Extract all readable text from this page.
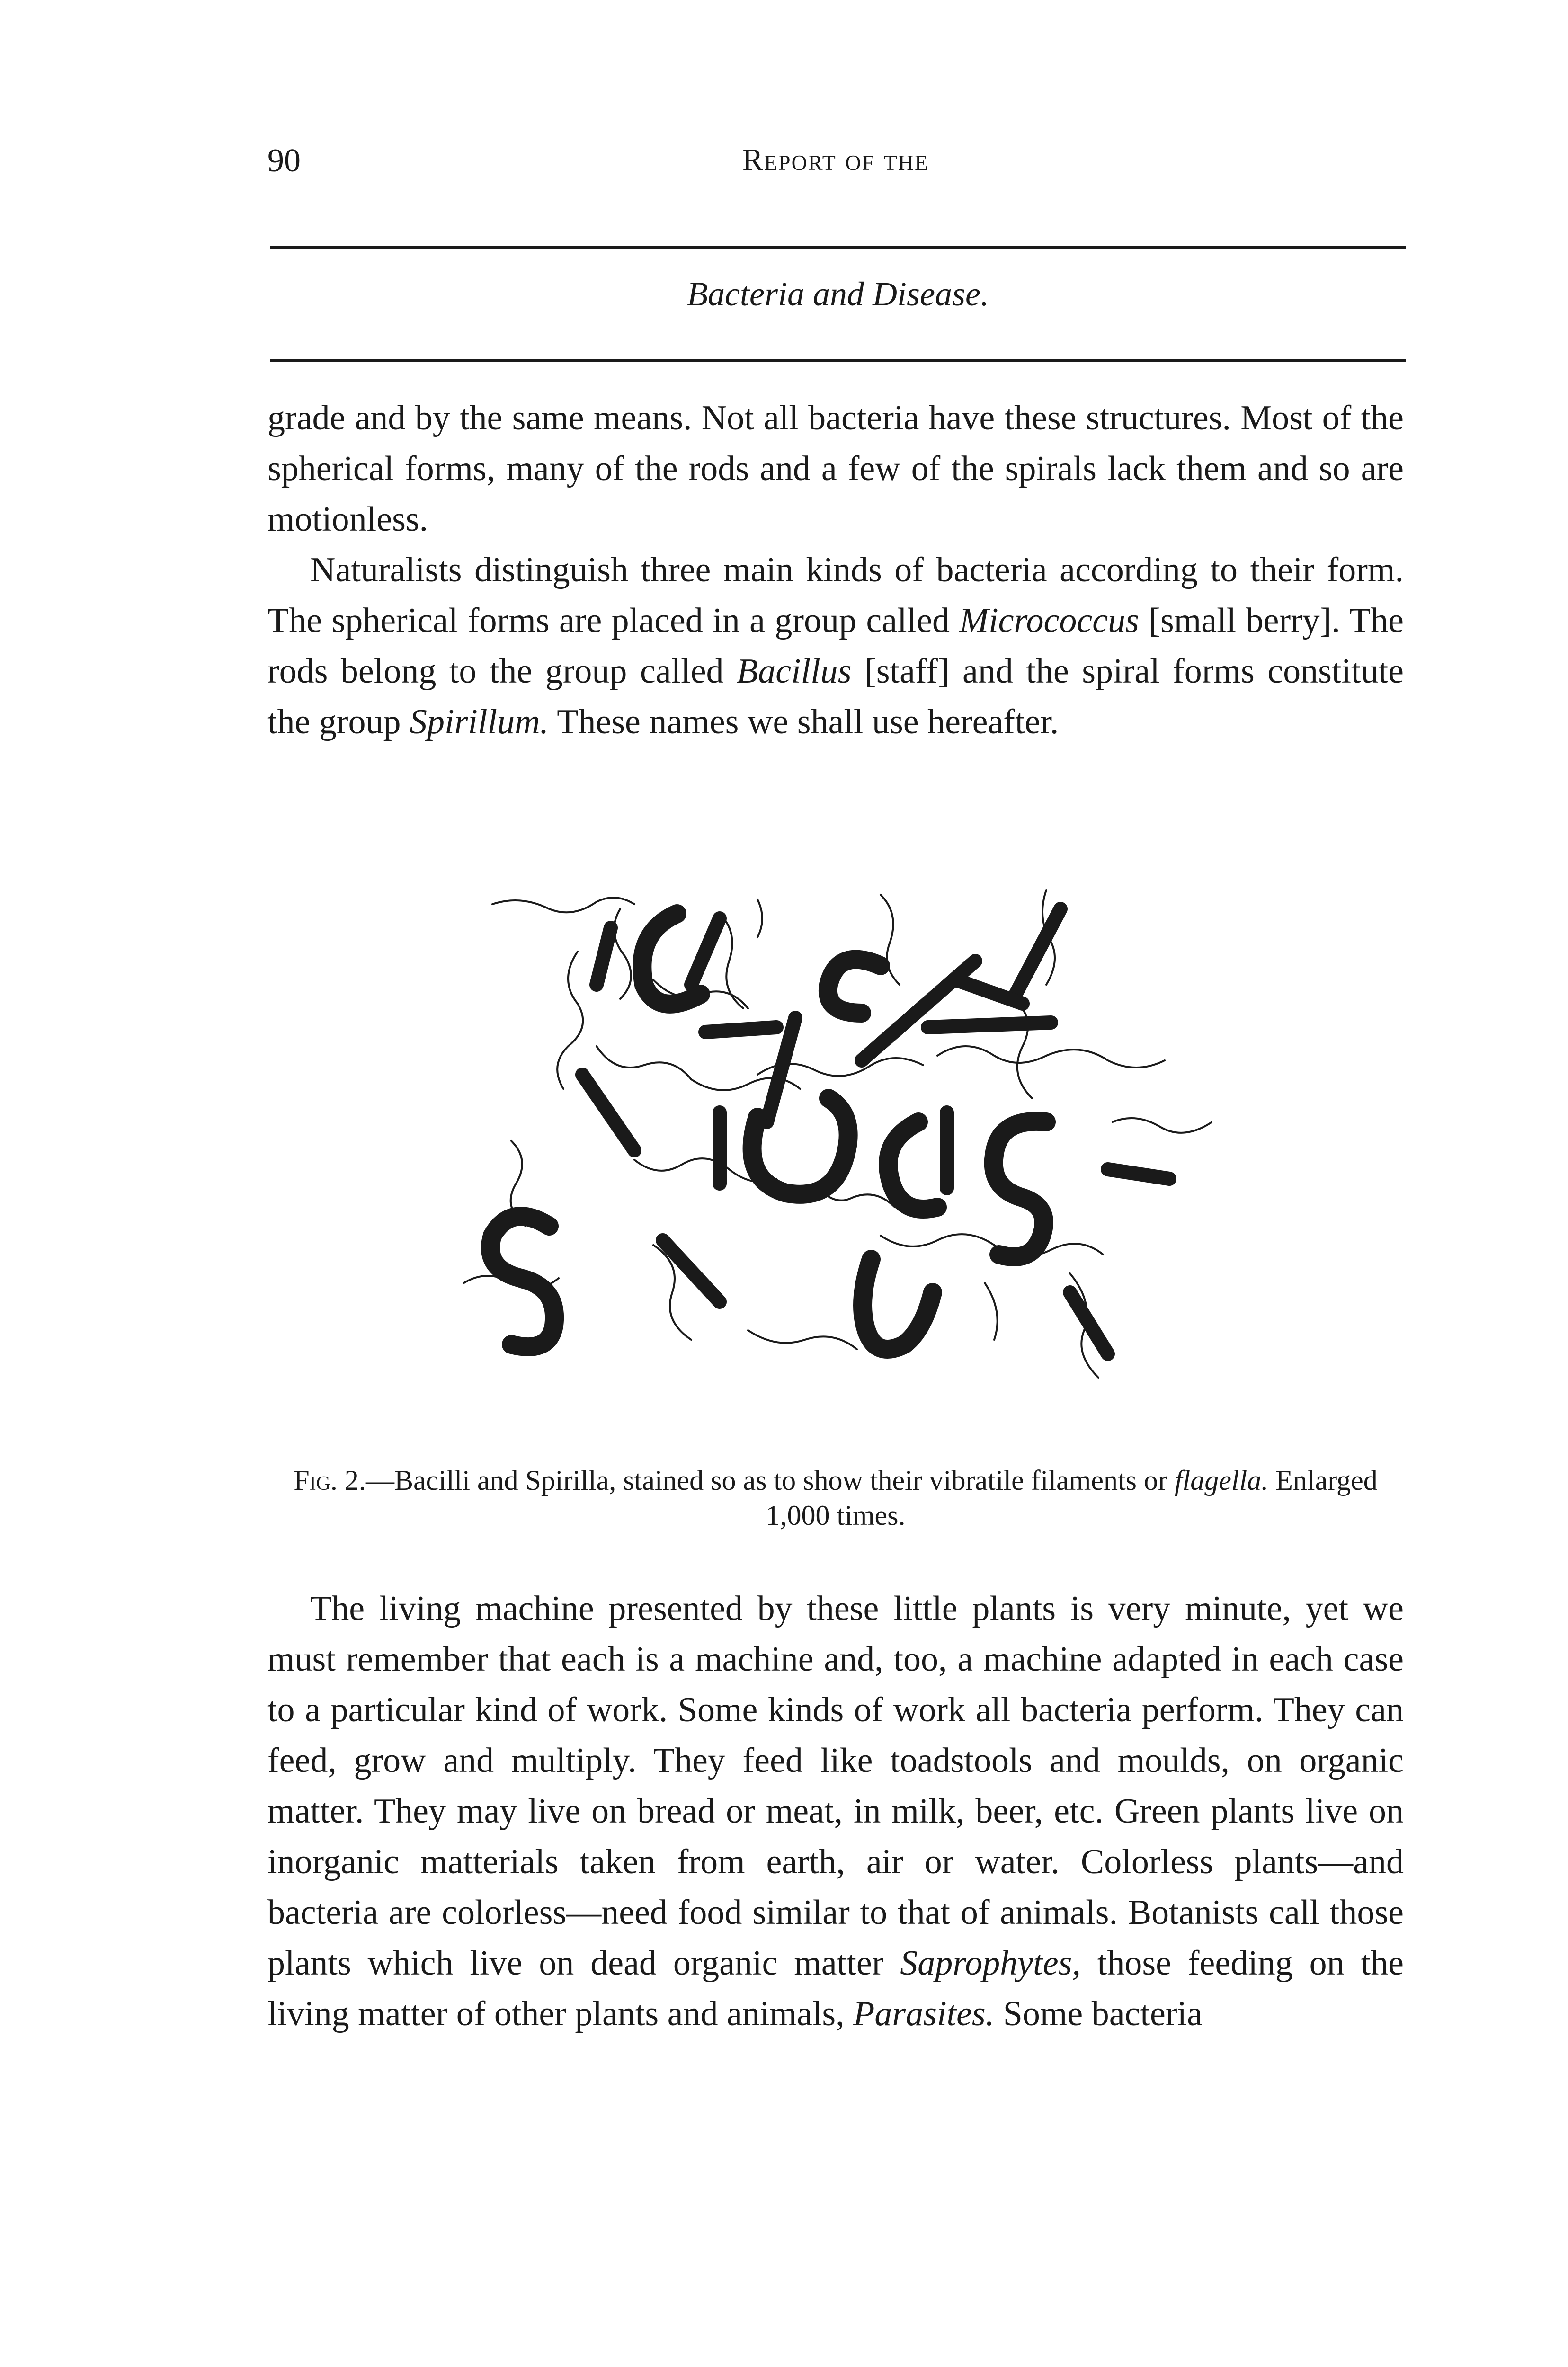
90	Report of the
Bacteria and Disease.

grade and by the same means. Not all bacteria have these structures. Most of the spherical forms, many of the rods and a few of the spirals lack them and so are motionless.

Naturalists distinguish three main kinds of bacteria according to their form. The spherical forms are placed in a group called Micrococcus [small berry]. The rods belong to the group called Bacillus [staff] and the spiral forms constitute the group Spirillum. These names we shall use hereafter.

Fig. 2.—Bacilli and Spirilla, stained so as to show their vibratile filaments or flagella. Enlarged 1,000 times.

The living machine presented by these little plants is very minute, yet we must remember that each is a machine and, too, a machine adapted in each case to a particular kind of work. Some kinds of work all bacteria perform. They can feed, grow and multiply. They feed like toadstools and moulds, on organic matter. They may live on bread or meat, in milk, beer, etc. Green plants live on inorganic matterials taken from earth, air or water. Colorless plants—and bacteria are colorless—need food similar to that of animals. Botanists call those plants which live on dead organic matter Saprophytes, those feeding on the living matter of other plants and animals, Parasites. Some bacteria
